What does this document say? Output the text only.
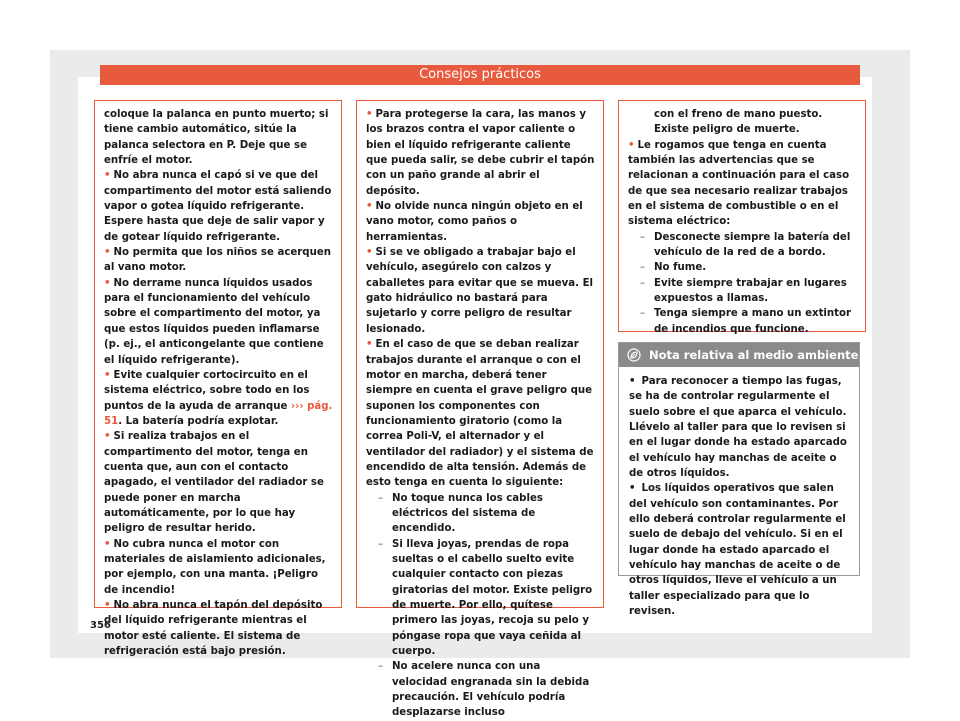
Consejos prácticos

coloque la palanca en punto muerto; si tiene cambio automático, sitúe la palanca selectora en P. Deje que se enfríe el motor.

• No abra nunca el capó si ve que del compartimento del motor está saliendo vapor o gotea líquido refrigerante. Espere hasta que deje de salir vapor y de gotear líquido refrigerante.

• No permita que los niños se acerquen al vano motor.

• No derrame nunca líquidos usados para el funcionamiento del vehículo sobre el compartimento del motor, ya que estos líquidos pueden inflamarse (p. ej., el anticongelante que contiene el líquido refrigerante).

• Evite cualquier cortocircuito en el sistema eléctrico, sobre todo en los puntos de la ayuda de arranque ››› pág. 51. La batería podría explotar.

• Si realiza trabajos en el compartimento del motor, tenga en cuenta que, aun con el contacto apagado, el ventilador del radiador se puede poner en marcha automáticamente, por lo que hay peligro de resultar herido.

• No cubra nunca el motor con materiales de aislamiento adicionales, por ejemplo, con una manta. ¡Peligro de incendio!

• No abra nunca el tapón del depósito del líquido refrigerante mientras el motor esté caliente. El sistema de refrigeración está bajo presión.

• Para protegerse la cara, las manos y los brazos contra el vapor caliente o bien el líquido refrigerante caliente que pueda salir, se debe cubrir el tapón con un paño grande al abrir el depósito.

• No olvide nunca ningún objeto en el vano motor, como paños o herramientas.

• Si se ve obligado a trabajar bajo el vehículo, asegúrelo con calzos y caballetes para evitar que se mueva. El gato hidráulico no bastará para sujetarlo y corre peligro de resultar lesionado.

• En el caso de que se deban realizar trabajos durante el arranque o con el motor en marcha, deberá tener siempre en cuenta el grave peligro que suponen los componentes con funcionamiento giratorio (como la correa Poli-V, el alternador y el ventilador del radiador) y el sistema de encendido de alta tensión. Además de esto tenga en cuenta lo siguiente:

– No toque nunca los cables eléctricos del sistema de encendido.

– Si lleva joyas, prendas de ropa sueltas o el cabello suelto evite cualquier contacto con piezas giratorias del motor. Existe peligro de muerte. Por ello, quítese primero las joyas, recoja su pelo y póngase ropa que vaya ceñida al cuerpo.

– No acelere nunca con una velocidad engranada sin la debida precaución. El vehículo podría desplazarse incluso

con el freno de mano puesto. Existe peligro de muerte.

• Le rogamos que tenga en cuenta también las advertencias que se relacionan a continuación para el caso de que sea necesario realizar trabajos en el sistema de combustible o en el sistema eléctrico:

– Desconecte siempre la batería del vehículo de la red de a bordo.

– No fume.

– Evite siempre trabajar en lugares expuestos a llamas.

– Tenga siempre a mano un extintor de incendios que funcione.

Nota relativa al medio ambiente

• Para reconocer a tiempo las fugas, se ha de controlar regularmente el suelo sobre el que aparca el vehículo. Llévelo al taller para que lo revisen si en el lugar donde ha estado aparcado el vehículo hay manchas de aceite o de otros líquidos.

• Los líquidos operativos que salen del vehículo son contaminantes. Por ello deberá controlar regularmente el suelo de debajo del vehículo. Si en el lugar donde ha estado aparcado el vehículo hay manchas de aceite o de otros líquidos, lleve el vehículo a un taller especializado para que lo revisen.

356
